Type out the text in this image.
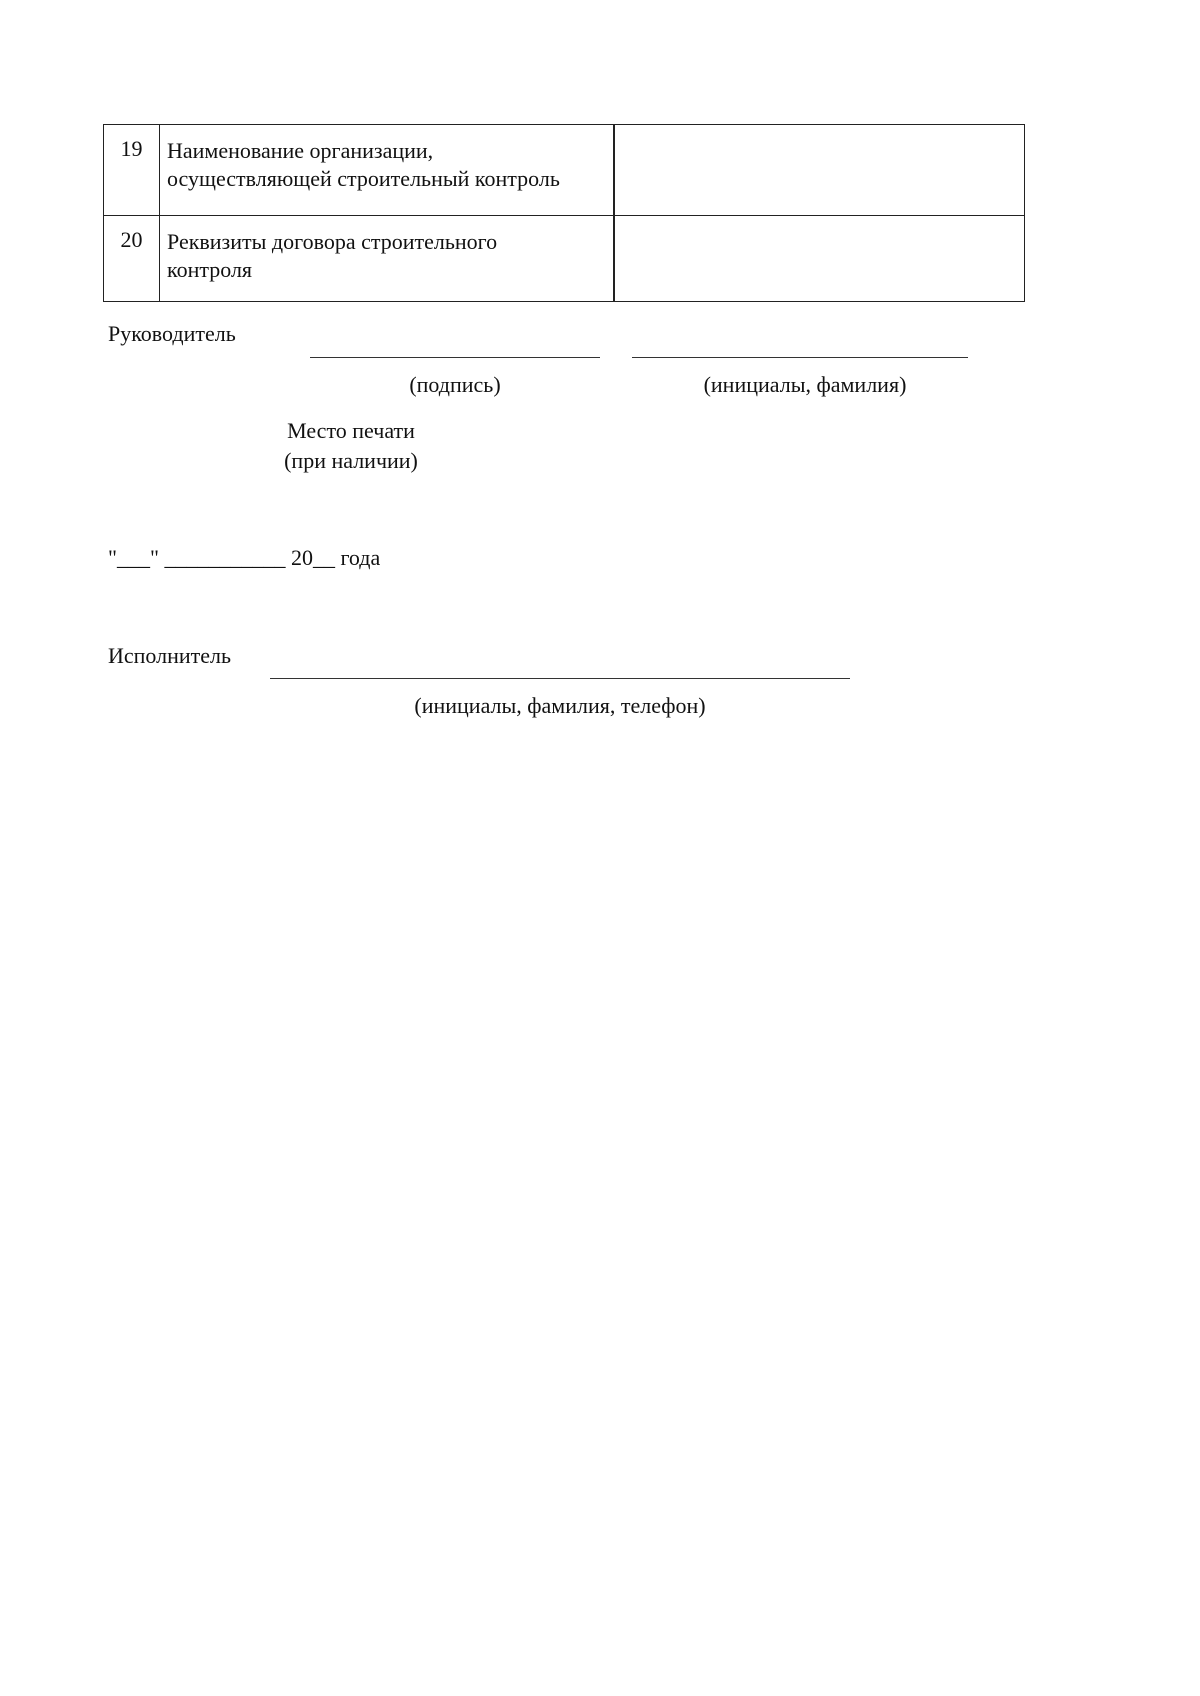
19	Наименование организации,
осуществляющей строительный контроль	

20	Реквизиты договора строительного
контроля	

Руководитель
(подпись)	(инициалы, фамилия)
Место печати
(при наличии)
"___" ___________ 20__ года
Исполнитель
(инициалы, фамилия, телефон)
